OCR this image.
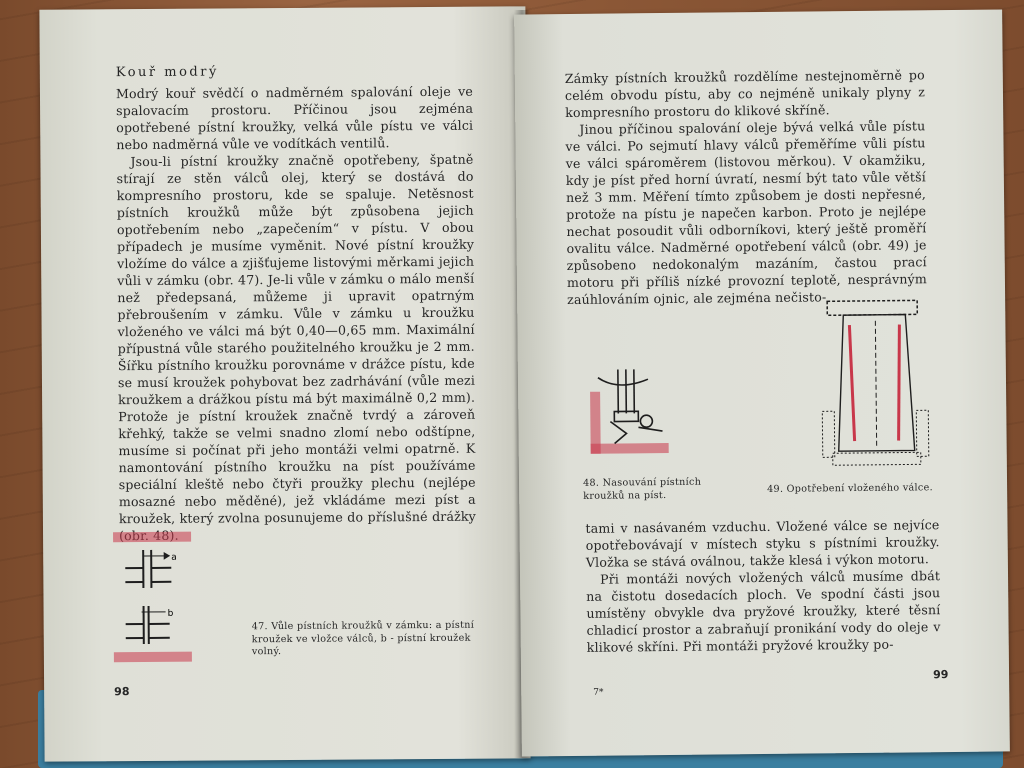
Kouř modrý

Modrý kouř svědčí o nadměrném spalování oleje ve spalovacím prostoru. Příčinou jsou zejména opotřebené pístní kroužky, velká vůle pístu ve válci nebo nadměrná vůle ve vodítkách ventilů.

Jsou-li pístní kroužky značně opotřebeny, špatně stírají ze stěn válců olej, který se dostává do kompresního prostoru, kde se spaluje. Netěsnost pístních kroužků může být způsobena jejich opotřebením nebo „zapečením“ v pístu. V obou případech je musíme vyměnit. Nové pístní kroužky vložíme do válce a zjišťujeme listovými měrkami jejich vůli v zámku (obr. 47). Je-li vůle v zámku o málo menší než předepsaná, můžeme ji upravit opatrným přebroušením v zámku. Vůle v zámku u kroužku vloženého ve válci má být 0,40—0,65 mm. Maximální přípustná vůle starého použitelného kroužku je 2 mm. Šířku pístního kroužku porovnáme v drážce pístu, kde se musí kroužek pohybovat bez zadrhávání (vůle mezi kroužkem a drážkou pístu má být maximálně 0,2 mm). Protože je pístní kroužek značně tvrdý a zároveň křehký, takže se velmi snadno zlomí nebo odštípne, musíme si počínat při jeho montáži velmi opatrně. K namontování pístního kroužku na píst používáme speciální kleště nebo čtyři proužky plechu (nejlépe mosazné nebo měděné), jež vkládáme mezi píst a kroužek, který zvolna posunujeme do příslušné drážky

a
b
47. Vůle pístních kroužků v zámku: a pístní kroužek ve vložce válců, b - pístní kroužek volný.
98

Zámky pístních kroužků rozdělíme nestejnoměrně po celém obvodu pístu, aby co nejméně unikaly plyny z kompresního prostoru do klikové skříně.

Jinou příčinou spalování oleje bývá velká vůle pístu ve válci. Po sejmutí hlavy válců přeměříme vůli pístu ve válci spároměrem (listovou měrkou). V okamžiku, kdy je píst před horní úvratí, nesmí být tato vůle větší než 3 mm. Měření tímto způsobem je dosti nepřesné, protože na pístu je napečen karbon. Proto je nejlépe nechat posoudit vůli odborníkovi, který ještě proměří ovalitu válce. Nadměrné opotřebení válců (obr. 49) je způsobeno nedokonalým mazáním, častou prací motoru při příliš nízké provozní teplotě, nesprávným zaúhlováním ojnic, ale zejména nečisto-

48. Nasouvání pístních kroužků na píst.
49. Opotřebení vloženého válce.

tami v nasávaném vzduchu. Vložené válce se nejvíce opotřebovávají v místech styku s pístními kroužky. Vložka se stává oválnou, takže klesá i výkon motoru.

Při montáži nových vložených válců musíme dbát na čistotu dosedacích ploch. Ve spodní části jsou umístěny obvykle dva pryžové kroužky, které těsní chladicí prostor a zabraňují pronikání vody do oleje v klikové skříni. Při montáži pryžové kroužky po-

7*
99
